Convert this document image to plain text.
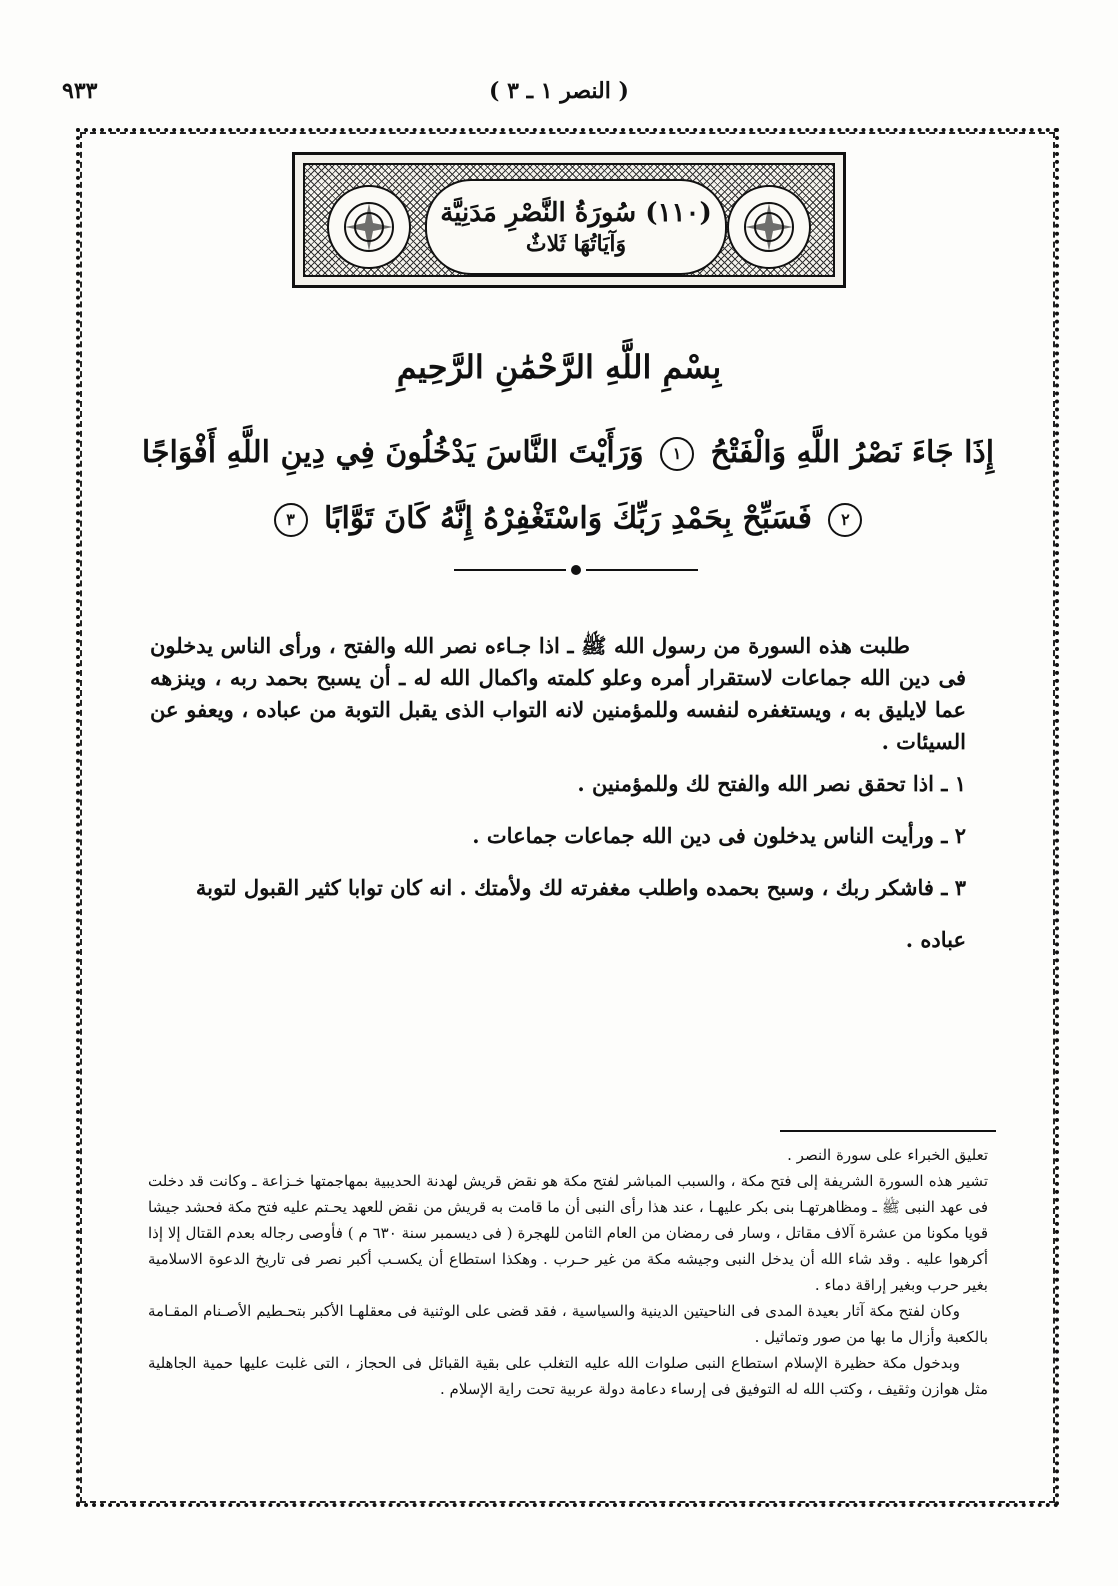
٩٣٣	( النصر ١ ـ ٣ )
(١١٠) سُورَةُ النَّصْرِ مَدَنِيَّة
وَآيَاتُهَا ثَلاثٌ
بِسْمِ اللَّهِ الرَّحْمَٰنِ الرَّحِيمِ
إِذَا جَاءَ نَصْرُ اللَّهِ وَالْفَتْحُ ١ وَرَأَيْتَ النَّاسَ يَدْخُلُونَ فِي دِينِ اللَّهِ أَفْوَاجًا ٢ فَسَبِّحْ بِحَمْدِ رَبِّكَ وَاسْتَغْفِرْهُ إِنَّهُ كَانَ تَوَّابًا ٣

طلبت هذه السورة من رسول الله ﷺ ـ اذا جـاءه نصر الله والفتح ، ورأى الناس يدخلون فى دين الله جماعات لاستقرار أمره وعلو كلمته واكمال الله له ـ أن يسبح بحمد ربه ، وينزهه عما لايليق به ، ويستغفره لنفسه وللمؤمنين لانه التواب الذى يقبل التوبة من عباده ، ويعفو عن السيئات .

١ ـ اذا تحقق نصر الله والفتح لك وللمؤمنين .
٢ ـ ورأيت الناس يدخلون فى دين الله جماعات جماعات .
٣ ـ فاشكر ربك ، وسبح بحمده واطلب مغفرته لك ولأمتك . انه كان توابا كثير القبول لتوبة عباده .

تعليق الخبراء على سورة النصر .

تشير هذه السورة الشريفة إلى فتح مكة ، والسبب المباشر لفتح مكة هو نقض قريش لهدنة الحديبية بمهاجمتها خـزاعة ـ وكانت قد دخلت فى عهد النبى ﷺ ـ ومظاهرتهـا بنى بكر عليهـا ، عند هذا رأى النبى أن ما قامت به قريش من نقض للعهد يحـتم عليه فتح مكة فحشد جيشا قويا مكونا من عشرة آلاف مقاتل ، وسار فى رمضان من العام الثامن للهجرة ( فى ديسمبر سنة ٦٣٠ م ) فأوصى رجاله بعدم القتال إلا إذا أكرهوا عليه . وقد شاء الله أن يدخل النبى وجيشه مكة من غير حـرب . وهكذا استطاع أن يكسـب أكبر نصر فى تاريخ الدعوة الاسلامية بغير حرب وبغير إراقة دماء .

وكان لفتح مكة آثار بعيدة المدى فى الناحيتين الدينية والسياسية ، فقد قضى على الوثنية فى معقلهـا الأكبر بتحـطيم الأصـنام المقـامة بالكعبة وأزال ما بها من صور وتماثيل .

وبدخول مكة حظيرة الإسلام استطاع النبى صلوات الله عليه التغلب على بقية القبائل فى الحجاز ، التى غلبت عليها حمية الجاهلية مثل هوازن وثقيف ، وكتب الله له التوفيق فى إرساء دعامة دولة عربية تحت راية الإسلام .
